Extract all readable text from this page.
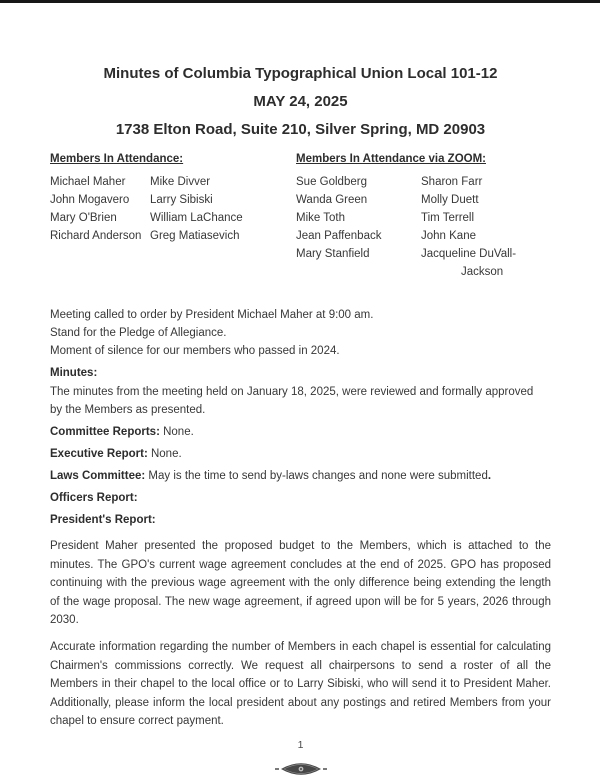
Minutes of Columbia Typographical Union Local 101-12
MAY 24, 2025
1738 Elton Road, Suite 210, Silver Spring, MD 20903
Members In Attendance:
Michael Maher
John Mogavero
Mary O'Brien
Richard Anderson
Mike Divver
Larry Sibiski
William LaChance
Greg Matiasevich
Members In Attendance via ZOOM:
Sue Goldberg
Wanda Green
Mike Toth
Jean Paffenback
Mary Stanfield
Sharon Farr
Molly Duett
Tim Terrell
John Kane
Jacqueline DuVall-
Jackson
Meeting called to order by President Michael Maher at 9:00 am.
Stand for the Pledge of Allegiance.
Moment of silence for our members who passed in 2024.
Minutes:
The minutes from the meeting held on January 18, 2025, were reviewed and formally approved by the Members as presented.
Committee Reports: None.
Executive Report: None.
Laws Committee: May is the time to send by-laws changes and none were submitted.
Officers Report:
President's Report:
President Maher presented the proposed budget to the Members, which is attached to the minutes. The GPO's current wage agreement concludes at the end of 2025. GPO has proposed continuing with the previous wage agreement with the only difference being extending the length of the wage proposal. The new wage agreement, if agreed upon will be for 5 years, 2026 through 2030.
Accurate information regarding the number of Members in each chapel is essential for calculating Chairmen's commissions correctly. We request all chairpersons to send a roster of all the Members in their chapel to the local office or to Larry Sibiski, who will send it to President Maher. Additionally, please inform the local president about any postings and retired Members from your chapel to ensure correct payment.
1
